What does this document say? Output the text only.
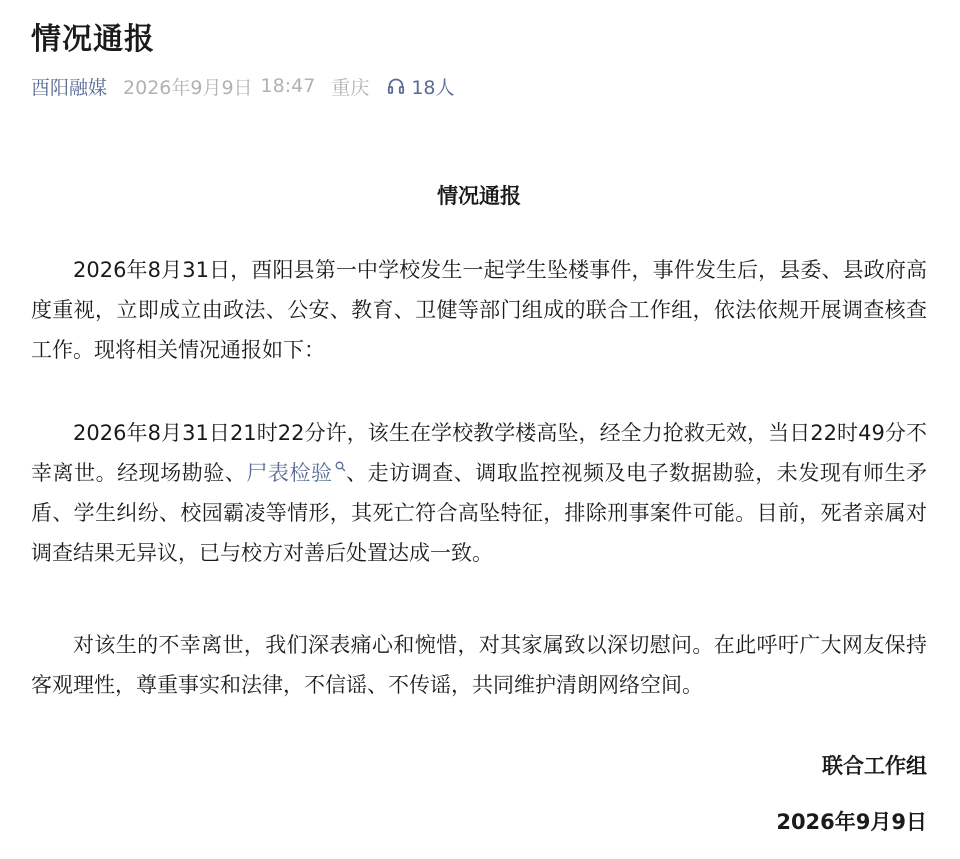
情况通报
酉阳融媒 2026年9月9日 18:47 重庆 18人
情况通报

2026年8月31日，酉阳县第一中学校发生一起学生坠楼事件，事件发生后，县委、县政府高度重视，立即成立由政法、公安、教育、卫健等部门组成的联合工作组，依法依规开展调查核查工作。现将相关情况通报如下：

2026年8月31日21时22分许，该生在学校教学楼高坠，经全力抢救无效，当日22时49分不幸离世。经现场勘验、尸表检验 、走访调查、调取监控视频及电子数据勘验，未发现有师生矛盾、学生纠纷、校园霸凌等情形，其死亡符合高坠特征，排除刑事案件可能。目前，死者亲属对调查结果无异议，已与校方对善后处置达成一致。

对该生的不幸离世，我们深表痛心和惋惜，对其家属致以深切慰问。在此呼吁广大网友保持客观理性，尊重事实和法律，不信谣、不传谣，共同维护清朗网络空间。

联合工作组
2026年9月9日
